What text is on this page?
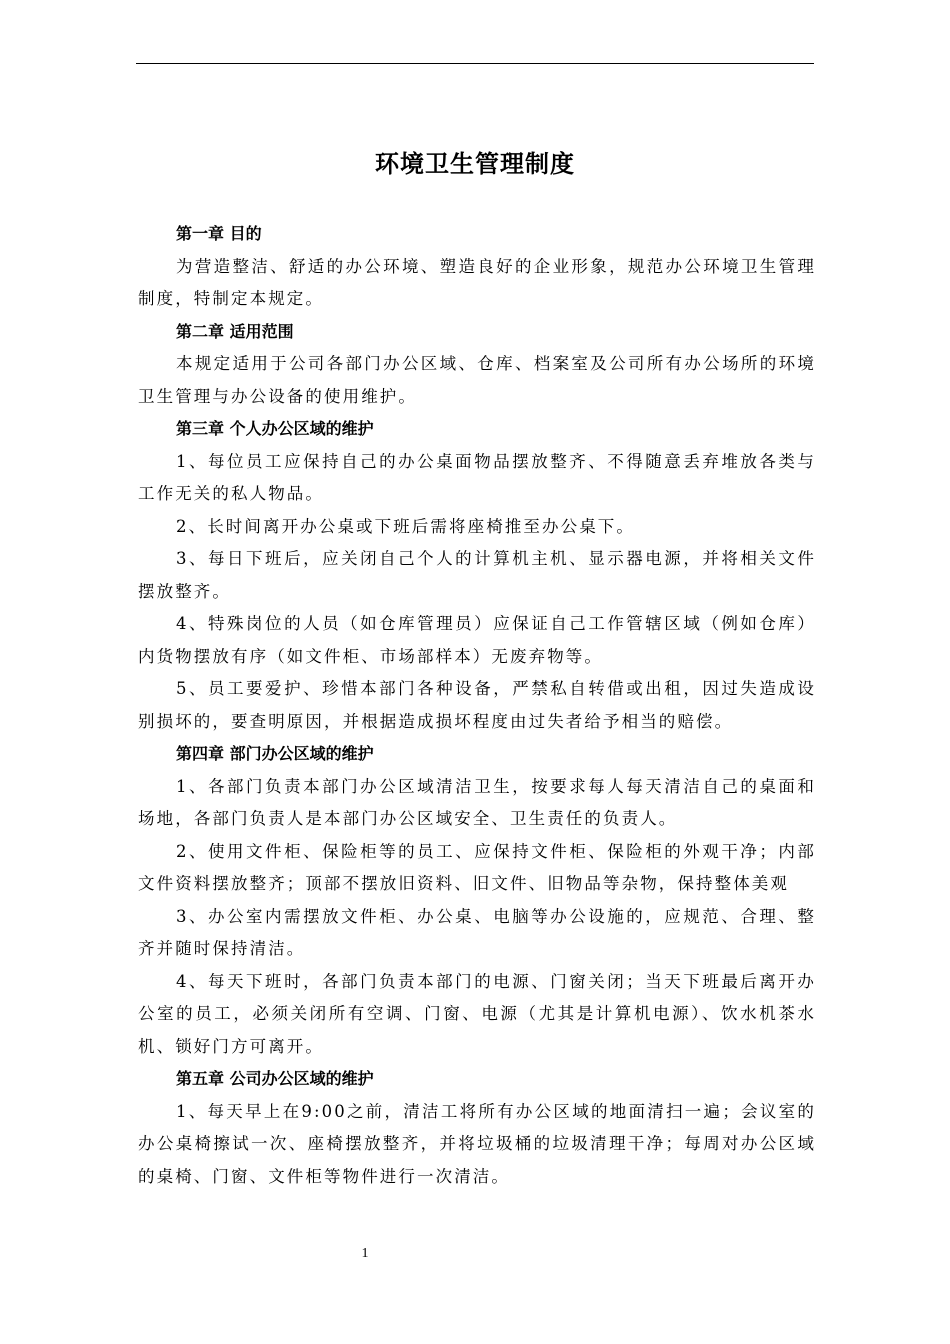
环境卫生管理制度
第一章 目的

为营造整洁、舒适的办公环境、塑造良好的企业形象，规范办公环境卫生管理制度，特制定本规定。

第二章 适用范围

本规定适用于公司各部门办公区域、仓库、档案室及公司所有办公场所的环境卫生管理与办公设备的使用维护。

第三章 个人办公区域的维护

1、每位员工应保持自己的办公桌面物品摆放整齐、不得随意丢弃堆放各类与工作无关的私人物品。

2、长时间离开办公桌或下班后需将座椅推至办公桌下。

3、每日下班后，应关闭自己个人的计算机主机、显示器电源，并将相关文件摆放整齐。

4、特殊岗位的人员（如仓库管理员）应保证自己工作管辖区域（例如仓库）内货物摆放有序（如文件柜、市场部样本）无废弃物等。

5、员工要爱护、珍惜本部门各种设备，严禁私自转借或出租，因过失造成设别损坏的，要查明原因，并根据造成损坏程度由过失者给予相当的赔偿。

第四章 部门办公区域的维护

1、各部门负责本部门办公区域清洁卫生，按要求每人每天清洁自己的桌面和场地，各部门负责人是本部门办公区域安全、卫生责任的负责人。

2、使用文件柜、保险柜等的员工、应保持文件柜、保险柜的外观干净；内部文件资料摆放整齐；顶部不摆放旧资料、旧文件、旧物品等杂物，保持整体美观

3、办公室内需摆放文件柜、办公桌、电脑等办公设施的，应规范、合理、整齐并随时保持清洁。

4、每天下班时，各部门负责本部门的电源、门窗关闭；当天下班最后离开办公室的员工，必须关闭所有空调、门窗、电源（尤其是计算机电源）、饮水机茶水机、锁好门方可离开。

第五章 公司办公区域的维护

1、每天早上在9:00之前，清洁工将所有办公区域的地面清扫一遍；会议室的办公桌椅擦试一次、座椅摆放整齐，并将垃圾桶的垃圾清理干净；每周对办公区域的桌椅、门窗、文件柜等物件进行一次清洁。

1
